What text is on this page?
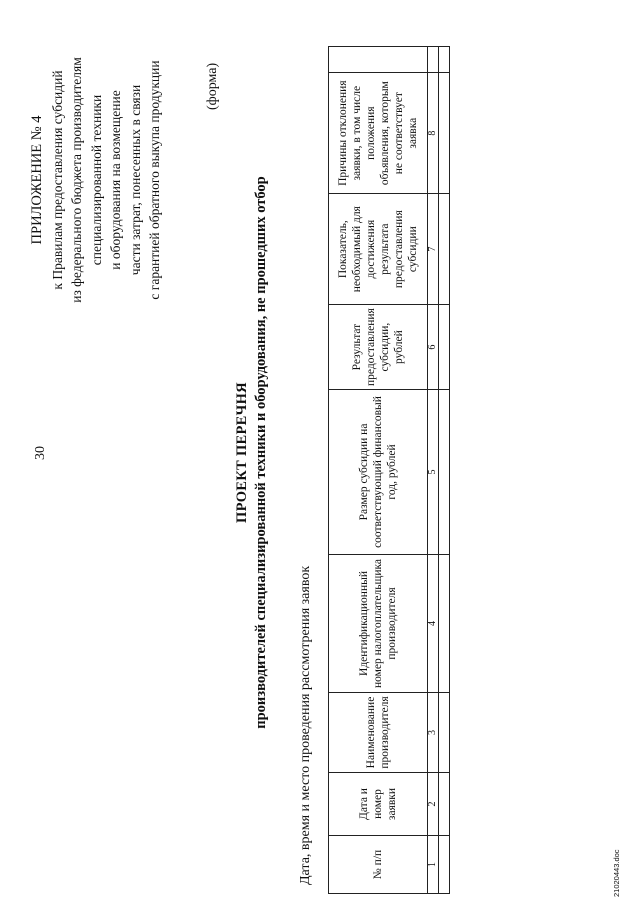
30
ПРИЛОЖЕНИЕ № 4 к Правилам предоставления субсидий из федерального бюджета производителям специализированной техники и оборудования на возмещение части затрат, понесенных в связи с гарантией обратного выкупа продукции	(форма)
ПРОЕКТ ПЕРЕЧНЯ производителей специализированной техники и оборудования, не прошедших отбор Дата, время и место проведения рассмотрения заявок	№ п/п	Дата и номер заявки	Наименование производителя	Идентификационный номер налогоплательщика производителя	Размер субсидии на соответствующий финансовый год, рублей	Результат предоставления субсидии, рублей	Показатель, необходимый для достижения результата предоставления субсидии	Причины отклонения заявки, в том числе положения объявления, которым не соответствует заявка	
1	2	3	4	5	6	7	8	

21020443.doc
